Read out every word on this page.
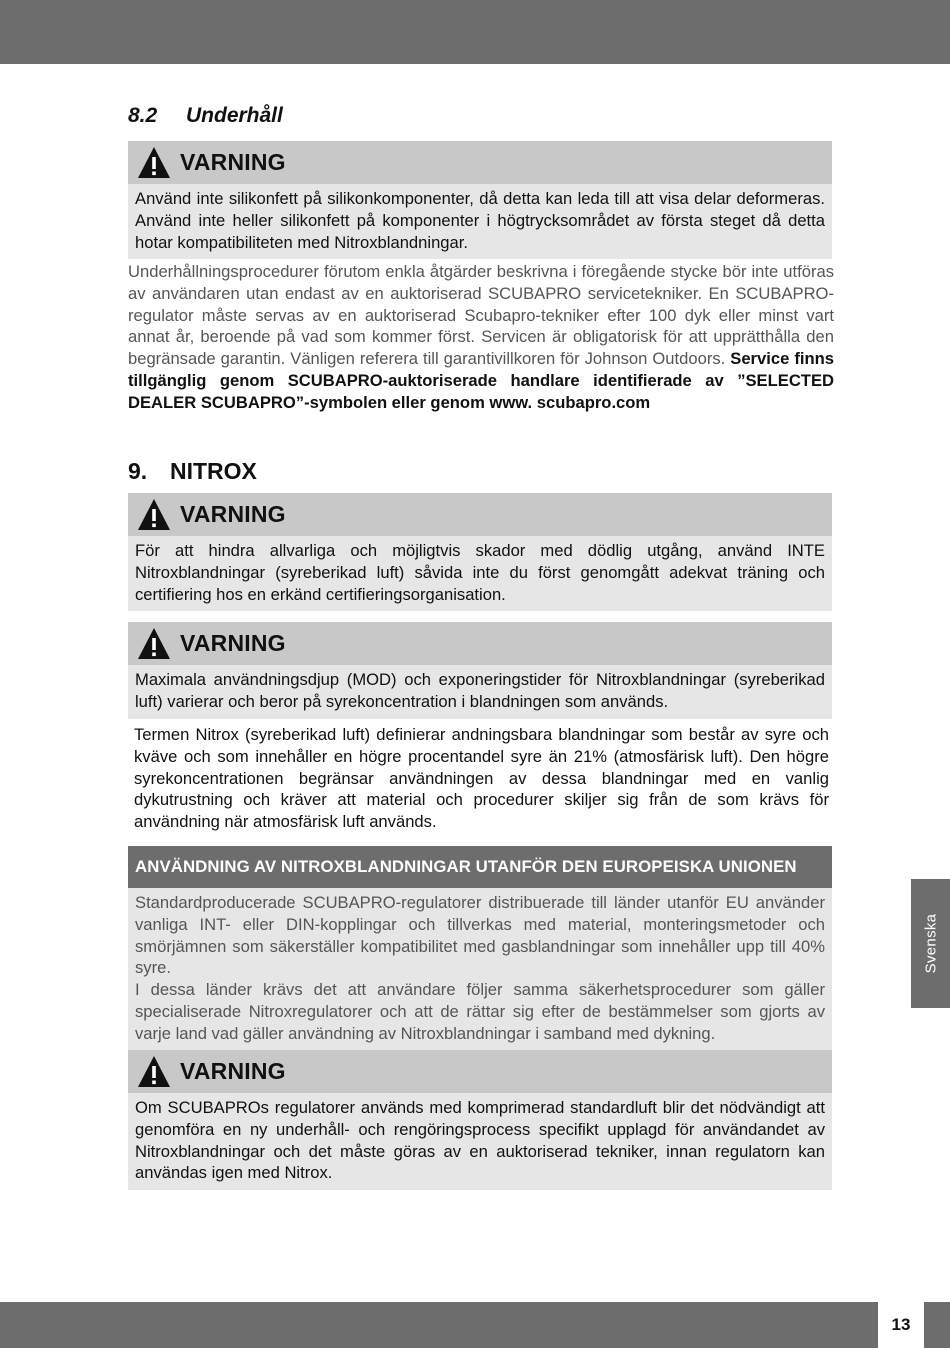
8.2 Underhåll
VARNING
Använd inte silikonfett på silikonkomponenter, då detta kan leda till att visa delar deformeras. Använd inte heller silikonfett på komponenter i högtrycksområdet av första steget då detta hotar kompatibiliteten med Nitroxblandningar.
Underhållningsprocedurer förutom enkla åtgärder beskrivna i föregående stycke bör inte utföras av användaren utan endast av en auktoriserad SCUBAPRO servicetekniker. En SCUBAPRO-regulator måste servas av en auktoriserad Scubapro-tekniker efter 100 dyk eller minst vart annat år, beroende på vad som kommer först. Servicen är obligatorisk för att upprätthålla den begränsade garantin. Vänligen referera till garantivillkoren för Johnson Outdoors. Service finns tillgänglig genom SCUBAPRO-auktoriserade handlare identifierade av ”SELECTED DEALER SCUBAPRO”-symbolen eller genom www. scubapro.com
9. NITROX
VARNING
För att hindra allvarliga och möjligtvis skador med dödlig utgång, använd INTE Nitroxblandningar (syreberikad luft) såvida inte du först genomgått adekvat träning och certifiering hos en erkänd certifieringsorganisation.
VARNING
Maximala användningsdjup (MOD) och exponeringstider för Nitroxblandningar (syreberikad luft) varierar och beror på syrekoncentration i blandningen som används.
Termen Nitrox (syreberikad luft) definierar andningsbara blandningar som består av syre och kväve och som innehåller en högre procentandel syre än 21% (atmosfärisk luft). Den högre syrekoncentrationen begränsar användningen av dessa blandningar med en vanlig dykutrustning och kräver att material och procedurer skiljer sig från de som krävs för användning när atmosfärisk luft används.
ANVÄNDNING AV NITROXBLANDNINGAR UTANFÖR DEN EUROPEISKA UNIONEN
Standardproducerade SCUBAPRO-regulatorer distribuerade till länder utanför EU använder vanliga INT- eller DIN-kopplingar och tillverkas med material, monteringsmetoder och smörjämnen som säkerställer kompatibilitet med gasblandningar som innehåller upp till 40% syre.
I dessa länder krävs det att användare följer samma säkerhetsprocedurer som gäller specialiserade Nitroxregulatorer och att de rättar sig efter de bestämmelser som gjorts av varje land vad gäller användning av Nitroxblandningar i samband med dykning.
VARNING
Om SCUBAPROs regulatorer används med komprimerad standardluft blir det nödvändigt att genomföra en ny underhåll- och rengöringsprocess specifikt upplagd för användandet av Nitroxblandningar och det måste göras av en auktoriserad tekniker, innan regulatorn kan användas igen med Nitrox.
Svenska
13
